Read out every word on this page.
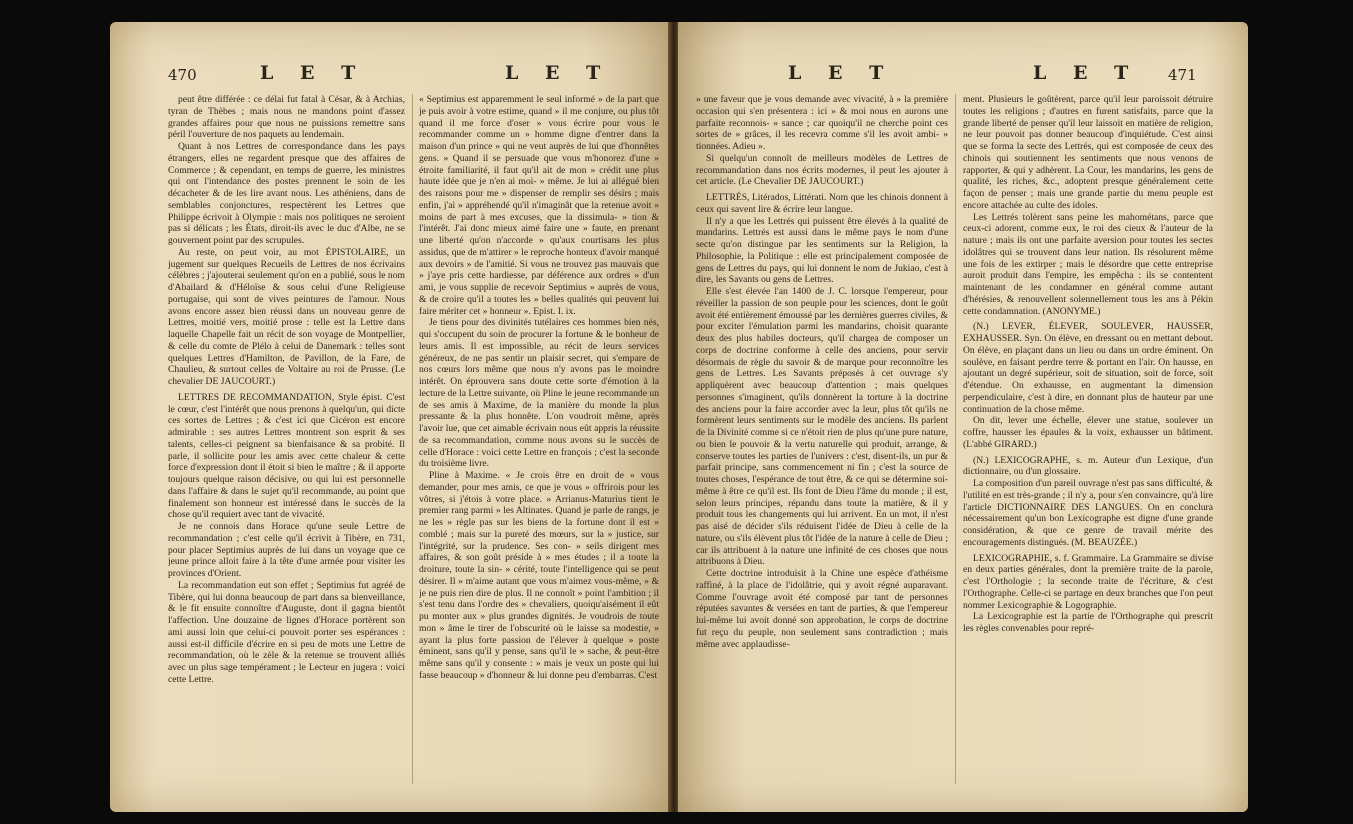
470	L E T	L E T

peut être différée : ce délai fut fatal à César, & à Archias, tyran de Thèbes ; mais nous ne mandons point d'assez grandes affaires pour que nous ne puissions remettre sans péril l'ouverture de nos paquets au lendemain.

Quant à nos Lettres de correspondance dans les pays étrangers, elles ne regardent presque que des affaires de Commerce ; & cependant, en temps de guerre, les ministres qui ont l'intendance des postes prennent le soin de les décacheter & de les lire avant nous. Les athéniens, dans de semblables conjonctures, respectèrent les Lettres que Philippe écrivoit à Olympie : mais nos politiques ne seroient pas si délicats ; les États, diroit-ils avec le duc d'Albe, ne se gouvernent point par des scrupules.

Au reste, on peut voir, au mot ÉPISTOLAIRE, un jugement sur quelques Recueils de Lettres de nos écrivains célèbres ; j'ajouterai seulement qu'on en a publié, sous le nom d'Abailard & d'Héloïse & sous celui d'une Religieuse portugaise, qui sont de vives peintures de l'amour. Nous avons encore assez bien réussi dans un nouveau genre de Lettres, moitié vers, moitié prose : telle est la Lettre dans laquelle Chapelle fait un récit de son voyage de Montpellier, & celle du comte de Plélo à celui de Danemark : telles sont quelques Lettres d'Hamilton, de Pavillon, de la Fare, de Chaulieu, & surtout celles de Voltaire au roi de Prusse. (Le chevalier DE JAUCOURT.)

LETTRES DE RECOMMANDATION, Style épist. C'est le cœur, c'est l'intérêt que nous prenons à quelqu'un, qui dicte ces sortes de Lettres ; & c'est ici que Cicéron est encore admirable : ses autres Lettres montrent son esprit & ses talents, celles-ci peignent sa bienfaisance & sa probité. Il parle, il sollicite pour les amis avec cette chaleur & cette force d'expression dont il étoit si bien le maître ; & il apporte toujours quelque raison décisive, ou qui lui est personnelle dans l'affaire & dans le sujet qu'il recommande, au point que finalement son honneur est intéressé dans le succès de la chose qu'il requiert avec tant de vivacité.

Je ne connois dans Horace qu'une seule Lettre de recommandation ; c'est celle qu'il écrivit à Tibère, en 731, pour placer Septimius auprès de lui dans un voyage que ce jeune prince alloit faire à la tête d'une armée pour visiter les provinces d'Orient.

La recommandation eut son effet ; Septimius fut agréé de Tibère, qui lui donna beaucoup de part dans sa bienveillance, & le fit ensuite connoître d'Auguste, dont il gagna bientôt l'affection. Une douzaine de lignes d'Horace portèrent son ami aussi loin que celui-ci pouvoit porter ses espérances : aussi est-il difficile d'écrire en si peu de mots une Lettre de recommandation, où le zèle & la retenue se trouvent alliés avec un plus sage tempérament ; le Lecteur en jugera : voici cette Lettre.

« Septimius est apparemment le seul informé » de la part que je puis avoir à votre estime, quand » il me conjure, ou plus tôt quand il me force d'oser » vous écrire pour vous le recommander comme un » homme digne d'entrer dans la maison d'un prince » qui ne veut auprès de lui que d'honnêtes gens. » Quand il se persuade que vous m'honorez d'une » étroite familiarité, il faut qu'il ait de mon » crédit une plus haute idée que je n'en ai moi- » même. Je lui ai allégué bien des raisons pour me » dispenser de remplir ses désirs ; mais enfin, j'ai » appréhendé qu'il n'imaginât que la retenue avoit » moins de part à mes excuses, que la dissimula- » tion & l'intérêt. J'ai donc mieux aimé faire une » faute, en prenant une liberté qu'on n'accorde » qu'aux courtisans les plus assidus, que de m'attirer » le reproche honteux d'avoir manqué aux devoirs » de l'amitié. Si vous ne trouvez pas mauvais que » j'aye pris cette hardiesse, par déférence aux ordres » d'un ami, je vous supplie de recevoir Septimius » auprès de vous, & de croire qu'il a toutes les » belles qualités qui peuvent lui faire mériter cet » honneur ». Epist. I. ix.

Je tiens pour des divinités tutélaires ces hommes bien nés, qui s'occupent du soin de procurer la fortune & le bonheur de leurs amis. Il est impossible, au récit de leurs services généreux, de ne pas sentir un plaisir secret, qui s'empare de nos cœurs lors même que nous n'y avons pas le moindre intérêt. On éprouvera sans doute cette sorte d'émotion à la lecture de la Lettre suivante, où Pline le jeune recommande un de ses amis à Maxime, de la manière du monde la plus pressante & la plus honnête. L'on voudroit même, après l'avoir lue, que cet aimable écrivain nous eût appris la réussite de sa recommandation, comme nous avons su le succès de celle d'Horace : voici cette Lettre en françois ; c'est la seconde du troisième livre.

Pline à Maxime. « Je crois être en droit de » vous demander, pour mes amis, ce que je vous » offrirois pour les vôtres, si j'étois à votre place. » Arrianus-Maturius tient le premier rang parmi » les Altinates. Quand je parle de rangs, je ne les » règle pas sur les biens de la fortune dont il est » comblé ; mais sur la pureté des mœurs, sur la » justice, sur l'intégrité, sur la prudence. Ses con- » seils dirigent mes affaires, & son goût préside à » mes études ; il a toute la droiture, toute la sin- » cérité, toute l'intelligence qui se peut désirer. Il » m'aime autant que vous m'aimez vous-même, » & je ne puis rien dire de plus. Il ne connoît » point l'ambition ; il s'est tenu dans l'ordre des » chevaliers, quoiqu'aisément il eût pu monter aux » plus grandes dignités. Je voudrois de toute mon » âme le tirer de l'obscurité où le laisse sa modestie, » ayant la plus forte passion de l'élever à quelque » poste éminent, sans qu'il y pense, sans qu'il le » sache, & peut-être même sans qu'il y consente : » mais je veux un poste qui lui fasse beaucoup » d'honneur & lui donne peu d'embarras. C'est

L E T	L E T 471

» une faveur que je vous demande avec vivacité, à » la première occasion qui s'en présentera : ici » & moi nous en aurons une parfaite reconnois- » sance ; car quoiqu'il ne cherche point ces sortes de » grâces, il les recevra comme s'il les avoit ambi- » tionnées. Adieu ».

Si quelqu'un connoît de meilleurs modèles de Lettres de recommandation dans nos écrits modernes, il peut les ajouter à cet article. (Le Chevalier DE JAUCOURT.)

LETTRÉS, Litérados, Littérati. Nom que les chinois donnent à ceux qui savent lire & écrire leur langue.

Il n'y a que les Lettrés qui puissent être élevés à la qualité de mandarins. Lettrés est aussi dans le même pays le nom d'une secte qu'on distingue par les sentiments sur la Religion, la Philosophie, la Politique : elle est principalement composée de gens de Lettres du pays, qui lui donnent le nom de Jukiao, c'est à dire, les Savants ou gens de Lettres.

Elle s'est élevée l'an 1400 de J. C. lorsque l'empereur, pour réveiller la passion de son peuple pour les sciences, dont le goût avoit été entièrement émoussé par les dernières guerres civiles, & pour exciter l'émulation parmi les mandarins, choisit quarante deux des plus habiles docteurs, qu'il chargea de composer un corps de doctrine conforme à celle des anciens, pour servir désormais de règle du savoir & de marque pour reconnoître les gens de Lettres. Les Savants préposés à cet ouvrage s'y appliquèrent avec beaucoup d'attention ; mais quelques personnes s'imaginent, qu'ils donnèrent la torture à la doctrine des anciens pour la faire accorder avec la leur, plus tôt qu'ils ne formèrent leurs sentiments sur le modèle des anciens. Ils parlent de la Divinité comme si ce n'étoit rien de plus qu'une pure nature, ou bien le pouvoir & la vertu naturelle qui produit, arrange, & conserve toutes les parties de l'univers : c'est, disent-ils, un pur & parfait principe, sans commencement ni fin ; c'est la source de toutes choses, l'espérance de tout être, & ce qui se détermine soi-même à être ce qu'il est. Ils font de Dieu l'âme du monde ; il est, selon leurs principes, répandu dans toute la matière, & il y produit tous les changements qui lui arrivent. En un mot, il n'est pas aisé de décider s'ils réduisent l'idée de Dieu à celle de la nature, ou s'ils élèvent plus tôt l'idée de la nature à celle de Dieu ; car ils attribuent à la nature une infinité de ces choses que nous attribuons à Dieu.

Cette doctrine introduisit à la Chine une espèce d'athéisme raffiné, à la place de l'idolâtrie, qui y avoit régné auparavant. Comme l'ouvrage avoit été composé par tant de personnes réputées savantes & versées en tant de parties, & que l'empereur lui-même lui avoit donné son approbation, le corps de doctrine fut reçu du peuple, non seulement sans contradiction ; mais même avec applaudisse-

ment. Plusieurs le goûtèrent, parce qu'il leur paroissoit détruire toutes les religions ; d'autres en furent satisfaits, parce que la grande liberté de penser qu'il leur laissoit en matière de religion, ne leur pouvoit pas donner beaucoup d'inquiétude. C'est ainsi que se forma la secte des Lettrés, qui est composée de ceux des chinois qui soutiennent les sentiments que nous venons de rapporter, & qui y adhèrent. La Cour, les mandarins, les gens de qualité, les riches, &c., adoptent presque généralement cette façon de penser ; mais une grande partie du menu peuple est encore attachée au culte des idoles.

Les Lettrés tolèrent sans peine les mahométans, parce que ceux-ci adorent, comme eux, le roi des cieux & l'auteur de la nature ; mais ils ont une parfaite aversion pour toutes les sectes idolâtres qui se trouvent dans leur nation. Ils résolurent même une fois de les extirper ; mais le désordre que cette entreprise auroit produit dans l'empire, les empêcha : ils se contentent maintenant de les condamner en général comme autant d'hérésies, & renouvellent solennellement tous les ans à Pékin cette condamnation. (ANONYME.)

(N.) LEVER, ÉLEVER, SOULEVER, HAUSSER, EXHAUSSER. Syn. On élève, en dressant ou en mettant debout. On élève, en plaçant dans un lieu ou dans un ordre éminent. On soulève, en faisant perdre terre & portant en l'air. On hausse, en ajoutant un degré supérieur, soit de situation, soit de force, soit d'étendue. On exhausse, en augmentant la dimension perpendiculaire, c'est à dire, en donnant plus de hauteur par une continuation de la chose même.

On dit, lever une échelle, élever une statue, soulever un coffre, hausser les épaules & la voix, exhausser un bâtiment. (L'abbé GIRARD.)

(N.) LEXICOGRAPHE, s. m. Auteur d'un Lexique, d'un dictionnaire, ou d'un glossaire.

La composition d'un pareil ouvrage n'est pas sans difficulté, & l'utilité en est très-grande ; il n'y a, pour s'en convaincre, qu'à lire l'article DICTIONNAIRE DES LANGUES. On en conclura nécessairement qu'un bon Lexicographe est digne d'une grande considération, & que ce genre de travail mérite des encouragements distingués. (M. BEAUZÉE.)

LEXICOGRAPHIE, s. f. Grammaire. La Grammaire se divise en deux parties générales, dont la première traite de la parole, c'est l'Orthologie ; la seconde traite de l'écriture, & c'est l'Orthographe. Celle-ci se partage en deux branches que l'on peut nommer Lexicographie & Logographie.

La Lexicographie est la partie de l'Orthographe qui prescrit les règles convenables pour repré-
